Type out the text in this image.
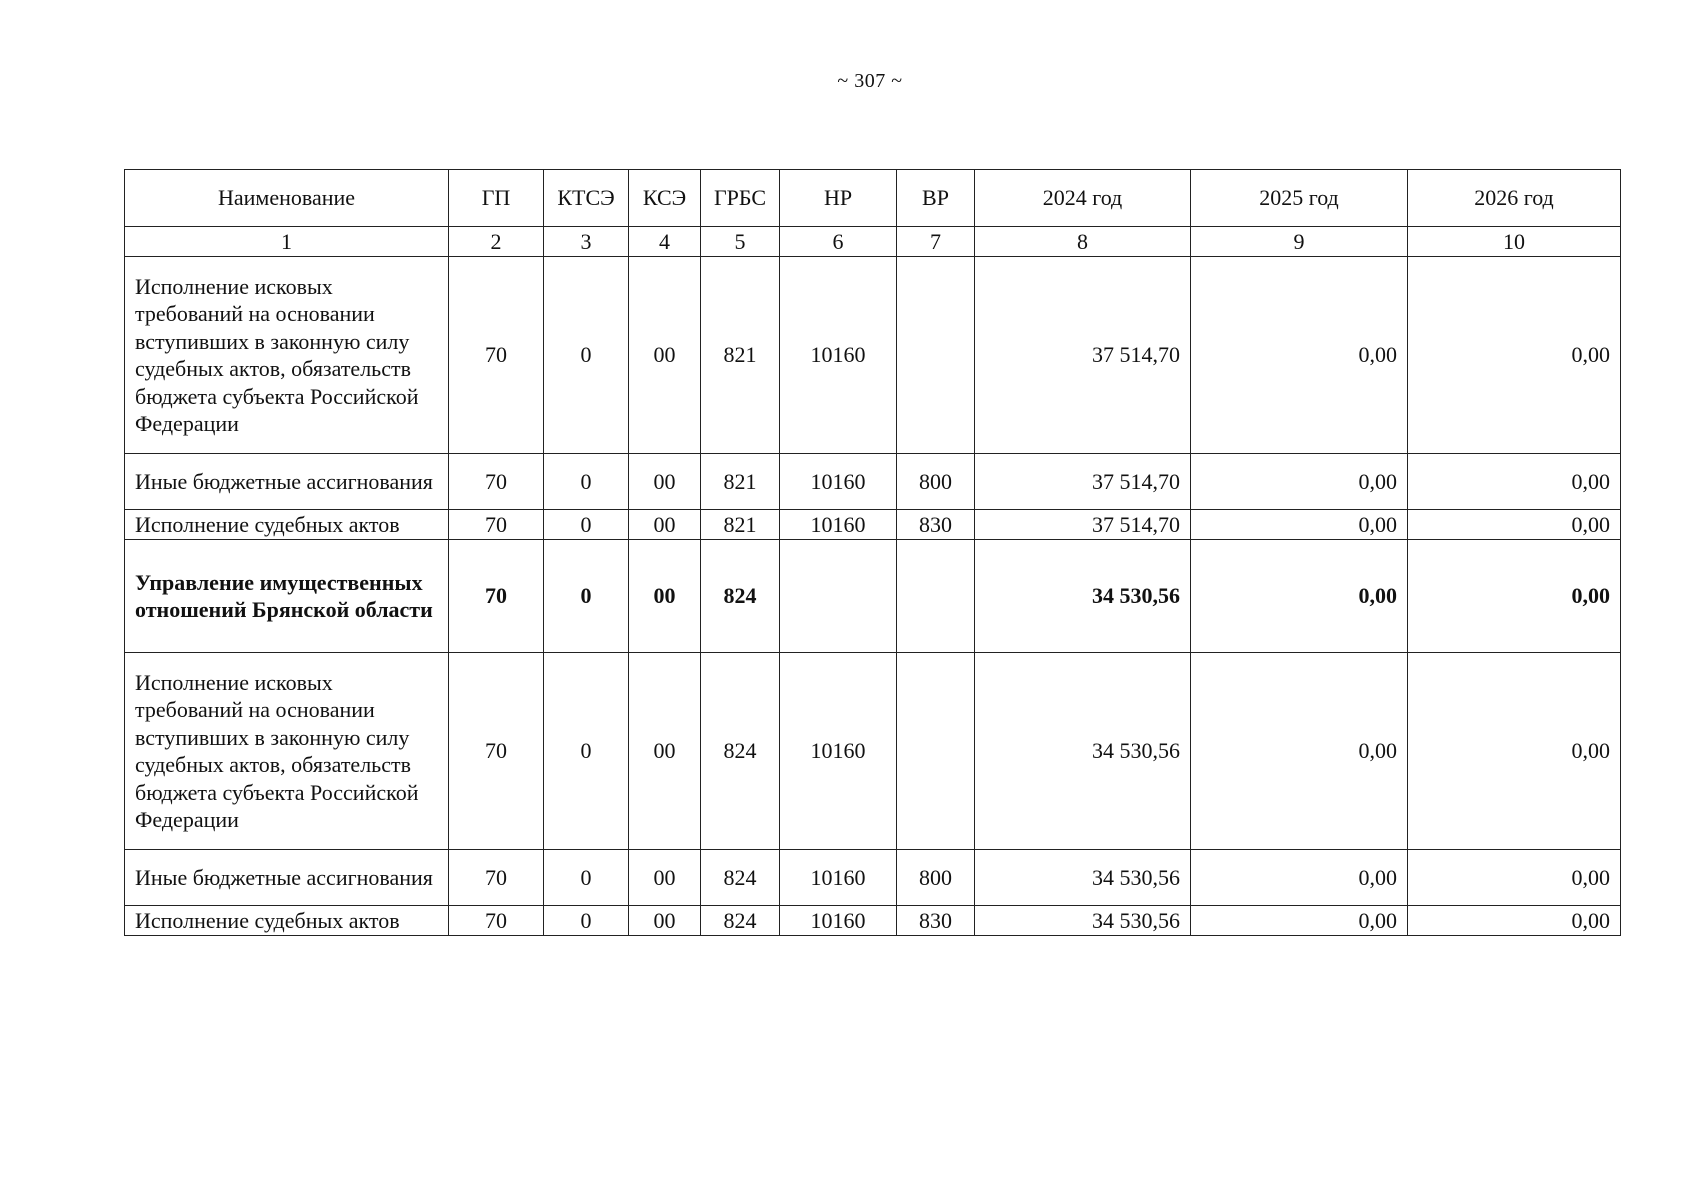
~ 307 ~
Наименование	ГП	КТСЭ	КСЭ	ГРБС	НР	ВР	2024 год	2025 год	2026 год
1	2	3	4	5	6	7	8	9	10
Исполнение исковых требований на основании вступивших в законную силу судебных актов, обязательств бюджета субъекта Российской Федерации	70	0	00	821	10160		37 514,70	0,00	0,00
Иные бюджетные ассигнования	70	0	00	821	10160	800	37 514,70	0,00	0,00
Исполнение судебных актов	70	0	00	821	10160	830	37 514,70	0,00	0,00
Управление имущественных отношений Брянской области	70	0	00	824			34 530,56	0,00	0,00
Исполнение исковых требований на основании вступивших в законную силу судебных актов, обязательств бюджета субъекта Российской Федерации	70	0	00	824	10160		34 530,56	0,00	0,00
Иные бюджетные ассигнования	70	0	00	824	10160	800	34 530,56	0,00	0,00
Исполнение судебных актов	70	0	00	824	10160	830	34 530,56	0,00	0,00
